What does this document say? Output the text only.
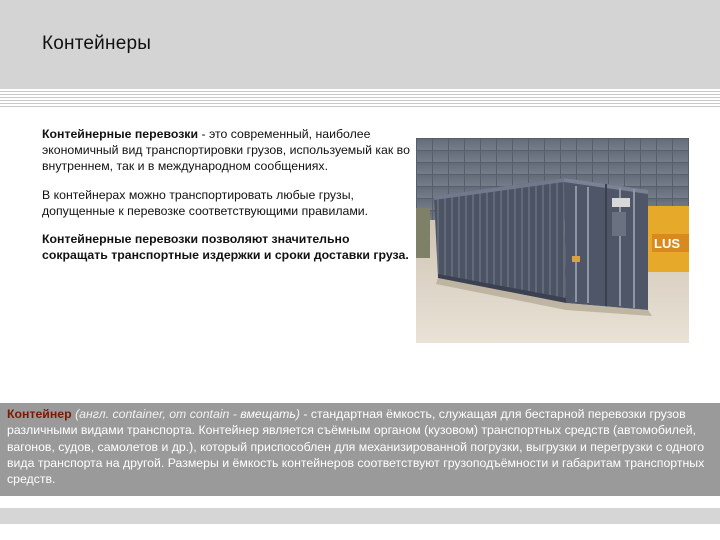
Контейнеры

Контейнерные перевозки - это современный, наиболее экономичный вид транспортировки грузов, используемый как во внутреннем, так и в международном сообщениях.

В контейнерах можно транспортировать любые грузы, допущенные к перевозке соответствующими правилами.

Контейнерные перевозки позволяют значительно сокращать транспортные издержки и сроки доставки груза.

LUS
Контейнер (англ. container, от contain - вмещать) - стандартная ёмкость, служащая для бестарной перевозки грузов различными видами транспорта. Контейнер является съёмным органом (кузовом) транспортных средств (автомобилей, вагонов, судов, самолетов и др.), который приспособлен для механизированной погрузки, выгрузки и перегрузки с одного вида транспорта на другой. Размеры и ёмкость контейнеров соответствуют грузоподъёмности и габаритам транспортных средств.
